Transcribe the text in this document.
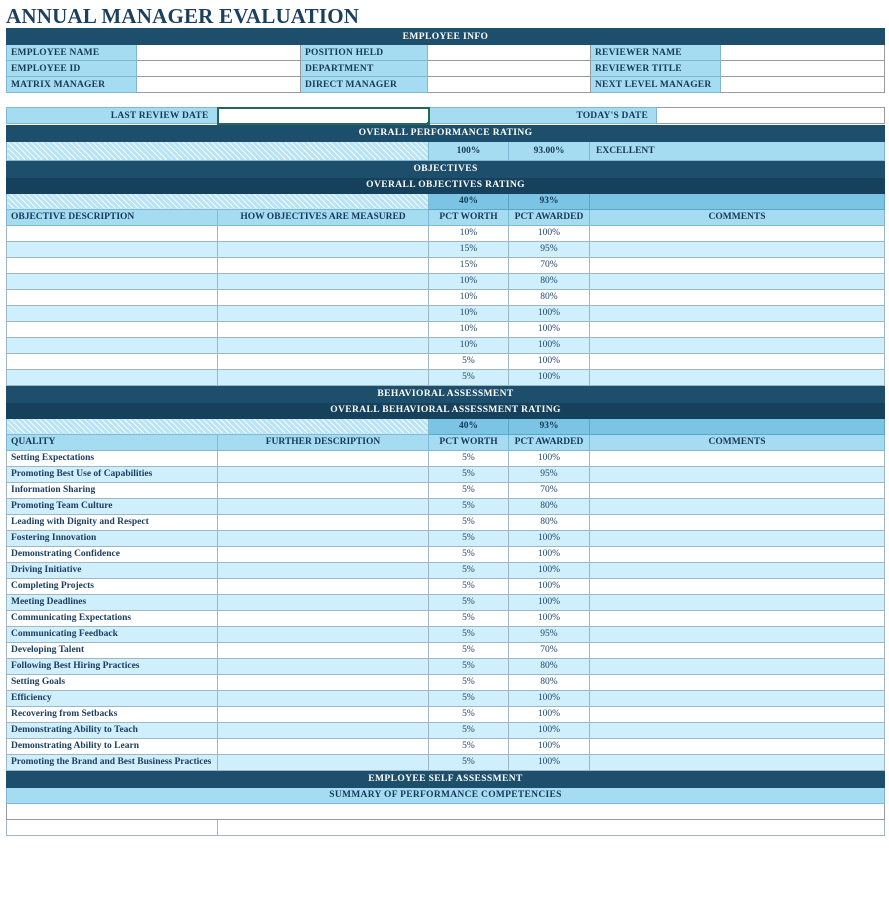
ANNUAL MANAGER EVALUATION
EMPLOYEE INFO					
EMPLOYEE NAME		POSITION HELD		REVIEWER NAME	
EMPLOYEE ID		DEPARTMENT		REVIEWER TITLE	
MATRIX MANAGER		DIRECT MANAGER		NEXT LEVEL MANAGER	

LAST REVIEW DATE		TODAY'S DATE	
OVERALL PERFORMANCE RATING
	100%	93.00%	EXCELLENT
OBJECTIVES				
OVERALL OBJECTIVES RATING				
		40%	93%	
OBJECTIVE DESCRIPTION	HOW OBJECTIVES ARE MEASURED	PCT WORTH	PCT AWARDED	COMMENTS
		10%	100%	
		15%	95%	
		15%	70%	
		10%	80%	
		10%	80%	
		10%	100%	
		10%	100%	
		10%	100%	
		5%	100%	
		5%	100%	
BEHAVIORAL ASSESSMENT				
OVERALL BEHAVIORAL ASSESSMENT RATING				
		40%	93%	
QUALITY	FURTHER DESCRIPTION	PCT WORTH	PCT AWARDED	COMMENTS
Setting Expectations		5%	100%	
Promoting Best Use of Capabilities		5%	95%	
Information Sharing		5%	70%	
Promoting Team Culture		5%	80%	
Leading with Dignity and Respect		5%	80%	
Fostering Innovation		5%	100%	
Demonstrating Confidence		5%	100%	
Driving Initiative		5%	100%	
Completing Projects		5%	100%	
Meeting Deadlines		5%	100%	
Communicating Expectations		5%	100%	
Communicating Feedback		5%	95%	
Developing Talent		5%	70%	
Following Best Hiring Practices		5%	80%	
Setting Goals		5%	80%	
Efficiency		5%	100%	
Recovering from Setbacks		5%	100%	
Demonstrating Ability to Teach		5%	100%	
Demonstrating Ability to Learn		5%	100%	
Promoting the Brand and Best Business Practices		5%	100%	
EMPLOYEE SELF ASSESSMENT
SUMMARY OF PERFORMANCE COMPETENCIES
